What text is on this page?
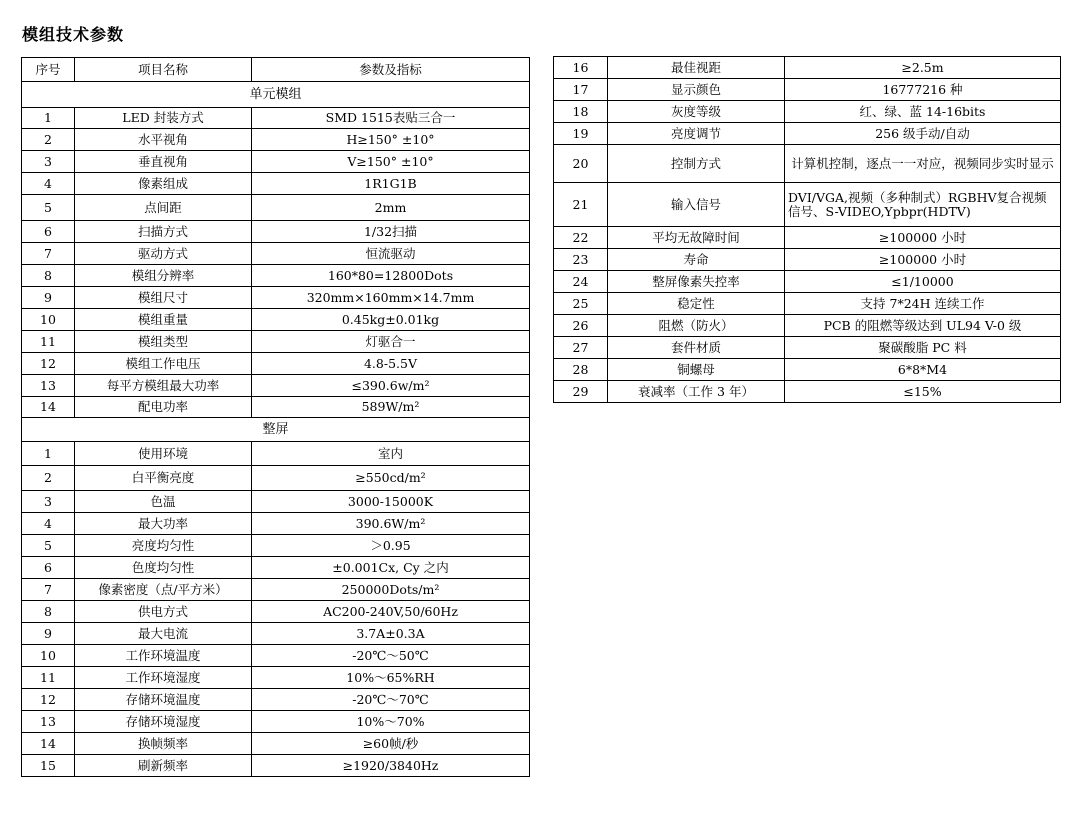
模组技术参数
序号	项目名称	参数及指标
单元模组		
1	LED 封装方式	SMD 1515表贴三合一
2	水平视角	H≥150° ±10°
3	垂直视角	V≥150° ±10°
4	像素组成	1R1G1B
5	点间距	2mm
6	扫描方式	1/32扫描
7	驱动方式	恒流驱动
8	模组分辨率	160*80=12800Dots
9	模组尺寸	320mm×160mm×14.7mm
10	模组重量	0.45kg±0.01kg
11	模组类型	灯驱合一
12	模组工作电压	4.8-5.5V
13	每平方模组最大功率	≤390.6w/m²
14	配电功率	589W/m²
整屏		
1	使用环境	室内
2	白平衡亮度	≥550cd/m²
3	色温	3000-15000K
4	最大功率	390.6W/m²
5	亮度均匀性	＞0.95
6	色度均匀性	±0.001Cx, Cy 之内
7	像素密度（点/平方米）	250000Dots/m²
8	供电方式	AC200-240V,50/60Hz
9	最大电流	3.7A±0.3A
10	工作环境温度	-20℃～50℃
11	工作环境湿度	10%～65%RH
12	存储环境温度	-20℃～70℃
13	存储环境湿度	10%～70%
14	换帧频率	≥60帧/秒
15	刷新频率	≥1920/3840Hz
16	最佳视距	≥2.5m
17	显示颜色	16777216 种
18	灰度等级	红、绿、蓝 14-16bits
19	亮度调节	256 级手动/自动
20	控制方式	计算机控制，逐点一一对应，视频同步实时显示
21	输入信号	DVI/VGA,视频（多种制式）RGBHV复合视频信号、S-VIDEO,Ypbpr(HDTV)
22	平均无故障时间	≥100000 小时
23	寿命	≥100000 小时
24	整屏像素失控率	≤1/10000
25	稳定性	支持 7*24H 连续工作
26	阻燃（防火）	PCB 的阻燃等级达到 UL94 V-0 级
27	套件材质	聚碳酸脂 PC 料
28	铜螺母	6*8*M4
29	衰减率（工作 3 年）	≤15%
